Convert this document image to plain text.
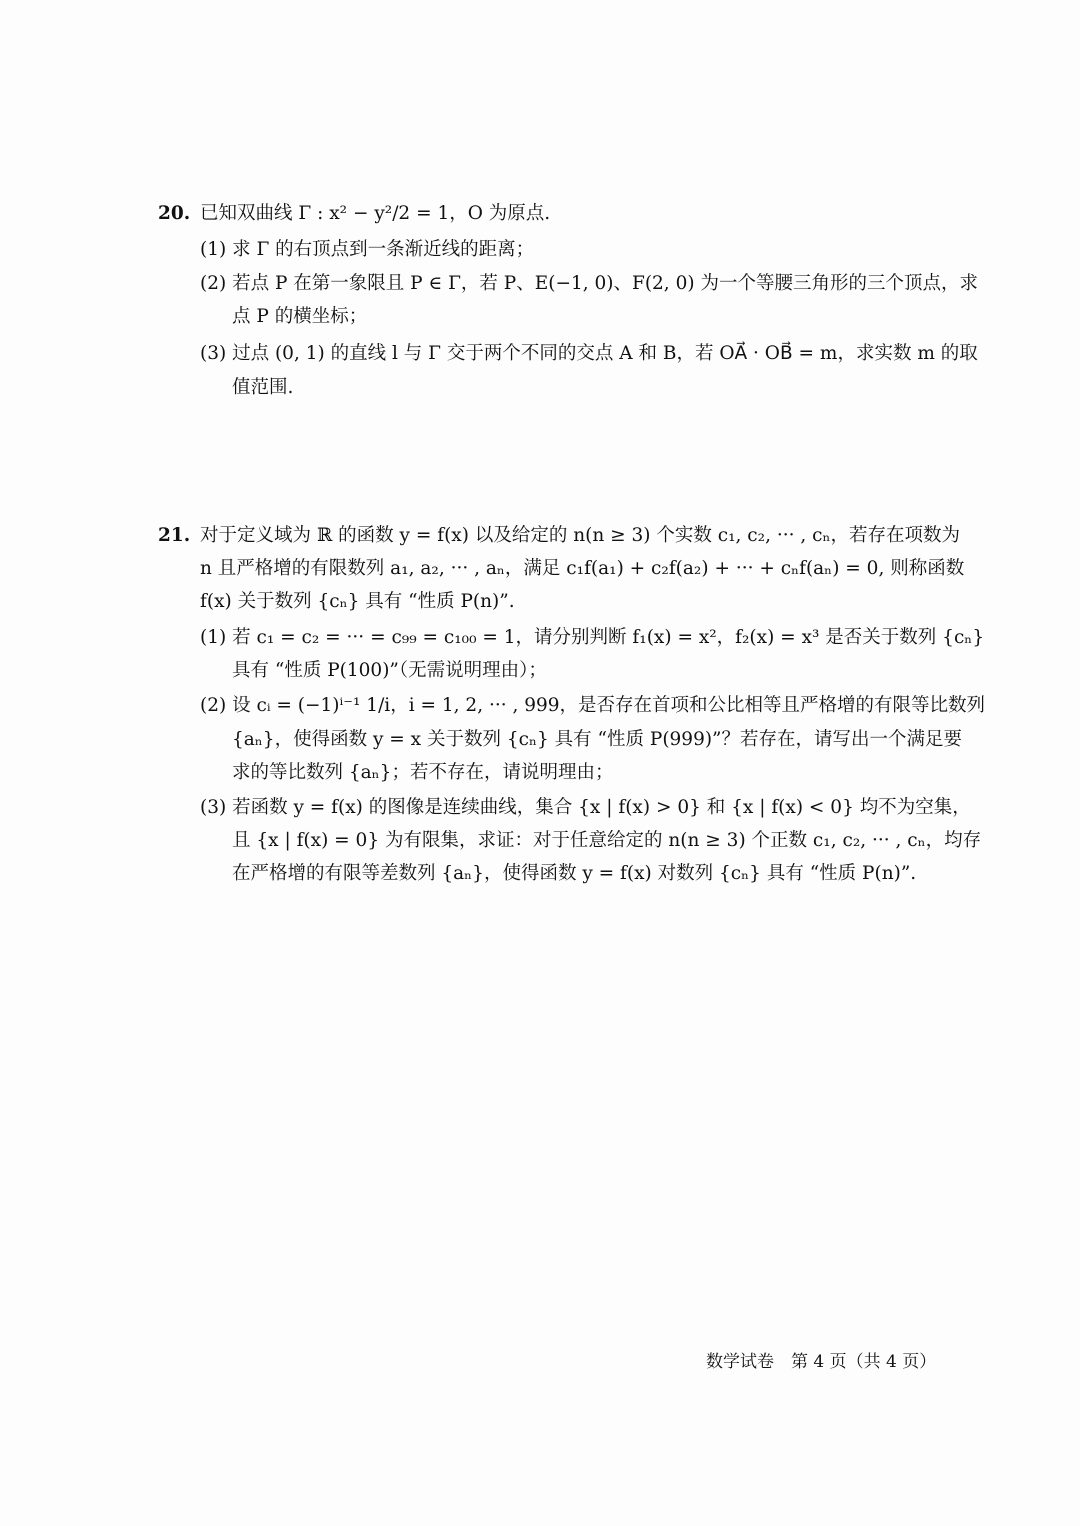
20. 已知双曲线 Γ : x² − y²/2 = 1，O 为原点.
(1) 求 Γ 的右顶点到一条渐近线的距离；
(2) 若点 P 在第一象限且 P ∈ Γ，若 P、E(−1, 0)、F(2, 0) 为一个等腰三角形的三个顶点，求
点 P 的横坐标；
(3) 过点 (0, 1) 的直线 l 与 Γ 交于两个不同的交点 A 和 B，若 OA⃗ · OB⃗ = m，求实数 m 的取
值范围.
21. 对于定义域为 ℝ 的函数 y = f(x) 以及给定的 n(n ≥ 3) 个实数 c₁, c₂, ··· , cₙ，若存在项数为
n 且严格增的有限数列 a₁, a₂, ··· , aₙ，满足 c₁f(a₁) + c₂f(a₂) + ··· + cₙf(aₙ) = 0, 则称函数
f(x) 关于数列 {cₙ} 具有 “性质 P(n)”.
(1) 若 c₁ = c₂ = ··· = c₉₉ = c₁₀₀ = 1，请分别判断 f₁(x) = x²，f₂(x) = x³ 是否关于数列 {cₙ}
具有 “性质 P(100)”（无需说明理由）；
(2) 设 cᵢ = (−1)ⁱ⁻¹ 1/i，i = 1, 2, ··· , 999，是否存在首项和公比相等且严格增的有限等比数列
{aₙ}，使得函数 y = x 关于数列 {cₙ} 具有 “性质 P(999)”？若存在，请写出一个满足要
求的等比数列 {aₙ}；若不存在，请说明理由；
(3) 若函数 y = f(x) 的图像是连续曲线，集合 {x | f(x) > 0} 和 {x | f(x) < 0} 均不为空集，
且 {x | f(x) = 0} 为有限集，求证：对于任意给定的 n(n ≥ 3) 个正数 c₁, c₂, ··· , cₙ，均存
在严格增的有限等差数列 {aₙ}，使得函数 y = f(x) 对数列 {cₙ} 具有 “性质 P(n)”.
数学试卷　第 4 页（共 4 页）
